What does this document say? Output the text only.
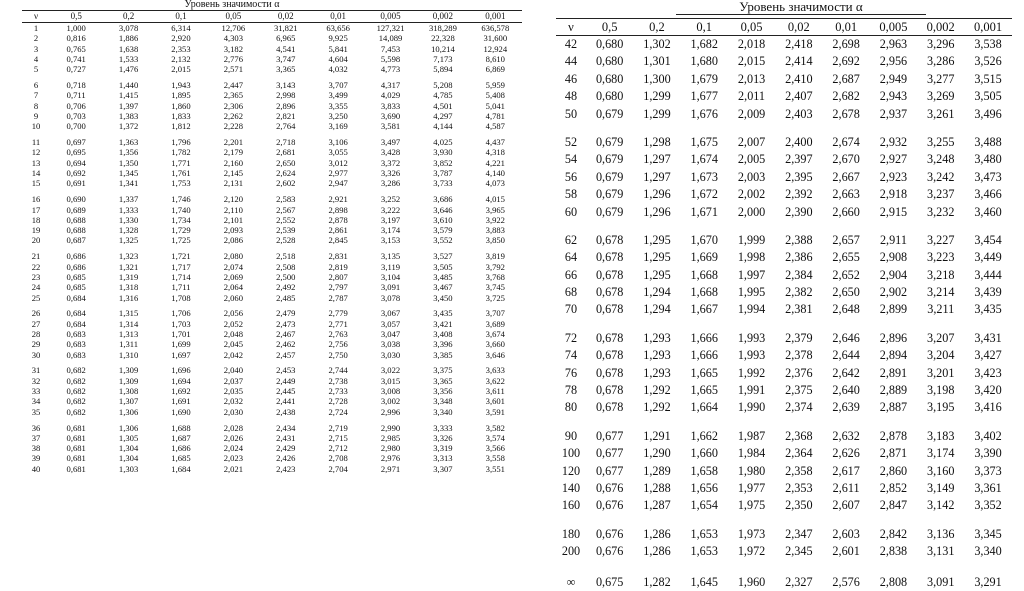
Уровень значимости α
ν	0,5	0,2	0,1	0,05	0,02	0,01	0,005	0,002	0,001
1	1,000	3,078	6,314	12,706	31,821	63,656	127,321	318,289	636,578
2	0,816	1,886	2,920	4,303	6,965	9,925	14,089	22,328	31,600
3	0,765	1,638	2,353	3,182	4,541	5,841	7,453	10,214	12,924
4	0,741	1,533	2,132	2,776	3,747	4,604	5,598	7,173	8,610
5	0,727	1,476	2,015	2,571	3,365	4,032	4,773	5,894	6,869
6	0,718	1,440	1,943	2,447	3,143	3,707	4,317	5,208	5,959
7	0,711	1,415	1,895	2,365	2,998	3,499	4,029	4,785	5,408
8	0,706	1,397	1,860	2,306	2,896	3,355	3,833	4,501	5,041
9	0,703	1,383	1,833	2,262	2,821	3,250	3,690	4,297	4,781
10	0,700	1,372	1,812	2,228	2,764	3,169	3,581	4,144	4,587
11	0,697	1,363	1,796	2,201	2,718	3,106	3,497	4,025	4,437
12	0,695	1,356	1,782	2,179	2,681	3,055	3,428	3,930	4,318
13	0,694	1,350	1,771	2,160	2,650	3,012	3,372	3,852	4,221
14	0,692	1,345	1,761	2,145	2,624	2,977	3,326	3,787	4,140
15	0,691	1,341	1,753	2,131	2,602	2,947	3,286	3,733	4,073
16	0,690	1,337	1,746	2,120	2,583	2,921	3,252	3,686	4,015
17	0,689	1,333	1,740	2,110	2,567	2,898	3,222	3,646	3,965
18	0,688	1,330	1,734	2,101	2,552	2,878	3,197	3,610	3,922
19	0,688	1,328	1,729	2,093	2,539	2,861	3,174	3,579	3,883
20	0,687	1,325	1,725	2,086	2,528	2,845	3,153	3,552	3,850
21	0,686	1,323	1,721	2,080	2,518	2,831	3,135	3,527	3,819
22	0,686	1,321	1,717	2,074	2,508	2,819	3,119	3,505	3,792
23	0,685	1,319	1,714	2,069	2,500	2,807	3,104	3,485	3,768
24	0,685	1,318	1,711	2,064	2,492	2,797	3,091	3,467	3,745
25	0,684	1,316	1,708	2,060	2,485	2,787	3,078	3,450	3,725
26	0,684	1,315	1,706	2,056	2,479	2,779	3,067	3,435	3,707
27	0,684	1,314	1,703	2,052	2,473	2,771	3,057	3,421	3,689
28	0,683	1,313	1,701	2,048	2,467	2,763	3,047	3,408	3,674
29	0,683	1,311	1,699	2,045	2,462	2,756	3,038	3,396	3,660
30	0,683	1,310	1,697	2,042	2,457	2,750	3,030	3,385	3,646
31	0,682	1,309	1,696	2,040	2,453	2,744	3,022	3,375	3,633
32	0,682	1,309	1,694	2,037	2,449	2,738	3,015	3,365	3,622
33	0,682	1,308	1,692	2,035	2,445	2,733	3,008	3,356	3,611
34	0,682	1,307	1,691	2,032	2,441	2,728	3,002	3,348	3,601
35	0,682	1,306	1,690	2,030	2,438	2,724	2,996	3,340	3,591
36	0,681	1,306	1,688	2,028	2,434	2,719	2,990	3,333	3,582
37	0,681	1,305	1,687	2,026	2,431	2,715	2,985	3,326	3,574
38	0,681	1,304	1,686	2,024	2,429	2,712	2,980	3,319	3,566
39	0,681	1,304	1,685	2,023	2,426	2,708	2,976	3,313	3,558
40	0,681	1,303	1,684	2,021	2,423	2,704	2,971	3,307	3,551
Уровень значимости α
ν	0,5	0,2	0,1	0,05	0,02	0,01	0,005	0,002	0,001
42	0,680	1,302	1,682	2,018	2,418	2,698	2,963	3,296	3,538
44	0,680	1,301	1,680	2,015	2,414	2,692	2,956	3,286	3,526
46	0,680	1,300	1,679	2,013	2,410	2,687	2,949	3,277	3,515
48	0,680	1,299	1,677	2,011	2,407	2,682	2,943	3,269	3,505
50	0,679	1,299	1,676	2,009	2,403	2,678	2,937	3,261	3,496
52	0,679	1,298	1,675	2,007	2,400	2,674	2,932	3,255	3,488
54	0,679	1,297	1,674	2,005	2,397	2,670	2,927	3,248	3,480
56	0,679	1,297	1,673	2,003	2,395	2,667	2,923	3,242	3,473
58	0,679	1,296	1,672	2,002	2,392	2,663	2,918	3,237	3,466
60	0,679	1,296	1,671	2,000	2,390	2,660	2,915	3,232	3,460
62	0,678	1,295	1,670	1,999	2,388	2,657	2,911	3,227	3,454
64	0,678	1,295	1,669	1,998	2,386	2,655	2,908	3,223	3,449
66	0,678	1,295	1,668	1,997	2,384	2,652	2,904	3,218	3,444
68	0,678	1,294	1,668	1,995	2,382	2,650	2,902	3,214	3,439
70	0,678	1,294	1,667	1,994	2,381	2,648	2,899	3,211	3,435
72	0,678	1,293	1,666	1,993	2,379	2,646	2,896	3,207	3,431
74	0,678	1,293	1,666	1,993	2,378	2,644	2,894	3,204	3,427
76	0,678	1,293	1,665	1,992	2,376	2,642	2,891	3,201	3,423
78	0,678	1,292	1,665	1,991	2,375	2,640	2,889	3,198	3,420
80	0,678	1,292	1,664	1,990	2,374	2,639	2,887	3,195	3,416
90	0,677	1,291	1,662	1,987	2,368	2,632	2,878	3,183	3,402
100	0,677	1,290	1,660	1,984	2,364	2,626	2,871	3,174	3,390
120	0,677	1,289	1,658	1,980	2,358	2,617	2,860	3,160	3,373
140	0,676	1,288	1,656	1,977	2,353	2,611	2,852	3,149	3,361
160	0,676	1,287	1,654	1,975	2,350	2,607	2,847	3,142	3,352
180	0,676	1,286	1,653	1,973	2,347	2,603	2,842	3,136	3,345
200	0,676	1,286	1,653	1,972	2,345	2,601	2,838	3,131	3,340
∞	0,675	1,282	1,645	1,960	2,327	2,576	2,808	3,091	3,291
